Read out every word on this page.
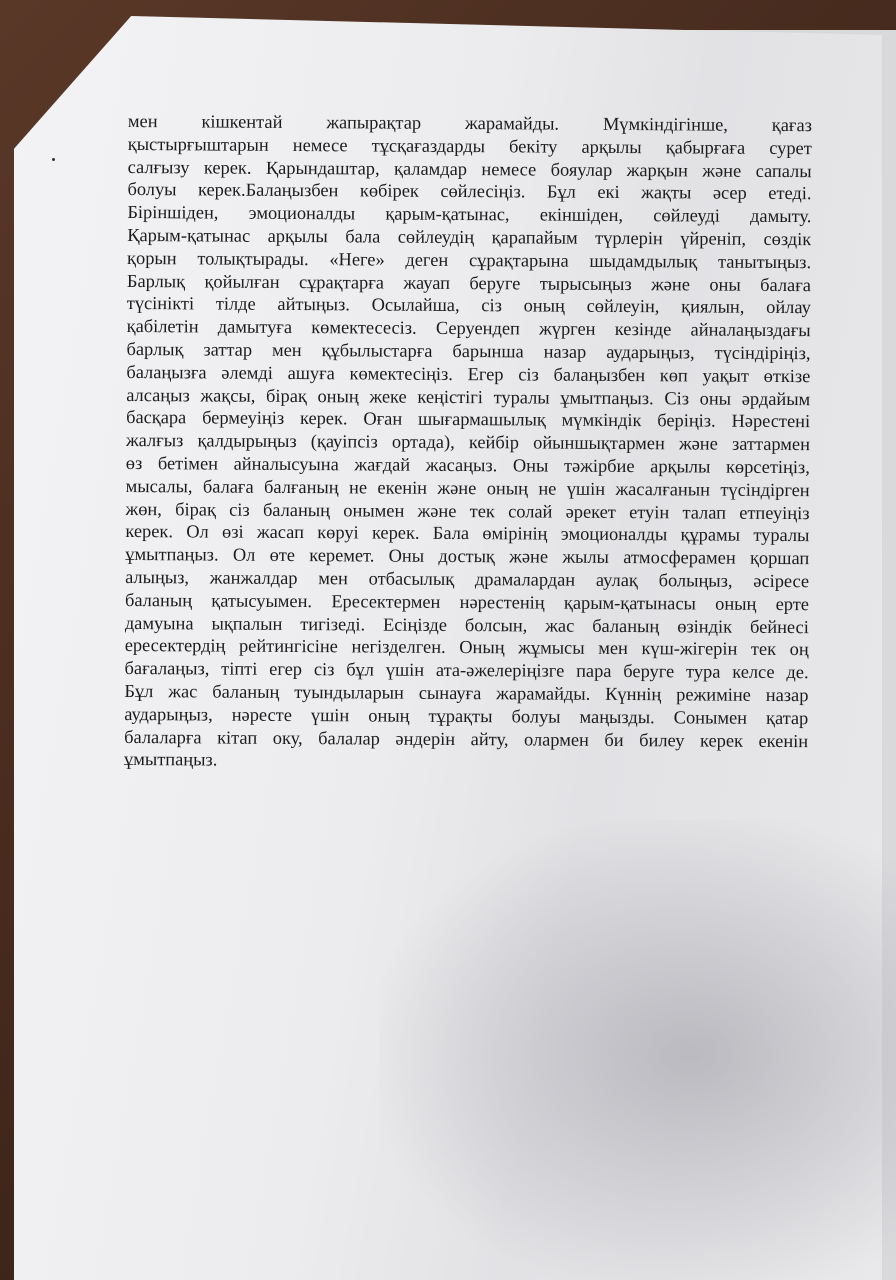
мен кішкентай жапырақтар жарамайды. Мүмкіндігінше, қағаз
қыстырғыштарын немесе тұсқағаздарды бекіту арқылы қабырғаға сурет
салғызу керек. Қарындаштар, қаламдар немесе бояулар жарқын және сапалы
болуы керек.Балаңызбен көбірек сөйлесіңіз. Бұл екі жақты әсер етеді.
Біріншіден, эмоционалды қарым-қатынас, екіншіден, сөйлеуді дамыту.
Қарым-қатынас арқылы бала сөйлеудің қарапайым түрлерін үйреніп, сөздік
қорын толықтырады. «Неге» деген сұрақтарына шыдамдылық танытыңыз.
Барлық қойылған сұрақтарға жауап беруге тырысыңыз және оны балаға
түсінікті тілде айтыңыз. Осылайша, сіз оның сөйлеуін, қиялын, ойлау
қабілетін дамытуға көмектесесіз. Серуендеп жүрген кезінде айналаңыздағы
барлық заттар мен құбылыстарға барынша назар аударыңыз, түсіндіріңіз,
балаңызға әлемді ашуға көмектесіңіз. Егер сіз балаңызбен көп уақыт өткізе
алсаңыз жақсы, бірақ оның жеке кеңістігі туралы ұмытпаңыз. Сіз оны әрдайым
басқара бермеуіңіз керек. Оған шығармашылық мүмкіндік беріңіз. Нәрестені
жалғыз қалдырыңыз (қауіпсіз ортада), кейбір ойыншықтармен және заттармен
өз бетімен айналысуына жағдай жасаңыз. Оны тәжірбие арқылы көрсетіңіз,
мысалы, балаға балғаның не екенін және оның не үшін жасалғанын түсіндірген
жөн, бірақ сіз баланың онымен және тек солай әрекет етуін талап етпеуіңіз
керек. Ол өзі жасап көруі керек. Бала өмірінің эмоционалды құрамы туралы
ұмытпаңыз. Ол өте керемет. Оны достық және жылы атмосферамен қоршап
алыңыз, жанжалдар мен отбасылық драмалардан аулақ болыңыз, әсіресе
баланың қатысуымен. Ересектермен нәрестенің қарым-қатынасы оның ерте
дамуына ықпалын тигізеді. Есіңізде болсын, жас баланың өзіндік бейнесі
ересектердің рейтингісіне негізделген. Оның жұмысы мен күш-жігерін тек оң
бағалаңыз, тіпті егер сіз бұл үшін ата-әжелеріңізге пара беруге тура келсе де.
Бұл жас баланың туындыларын сынауға жарамайды. Күннің режиміне назар
аударыңыз, нәресте үшін оның тұрақты болуы маңызды. Сонымен қатар
балаларға кітап оку, балалар әндерін айту, олармен би билеу керек екенін
ұмытпаңыз.
